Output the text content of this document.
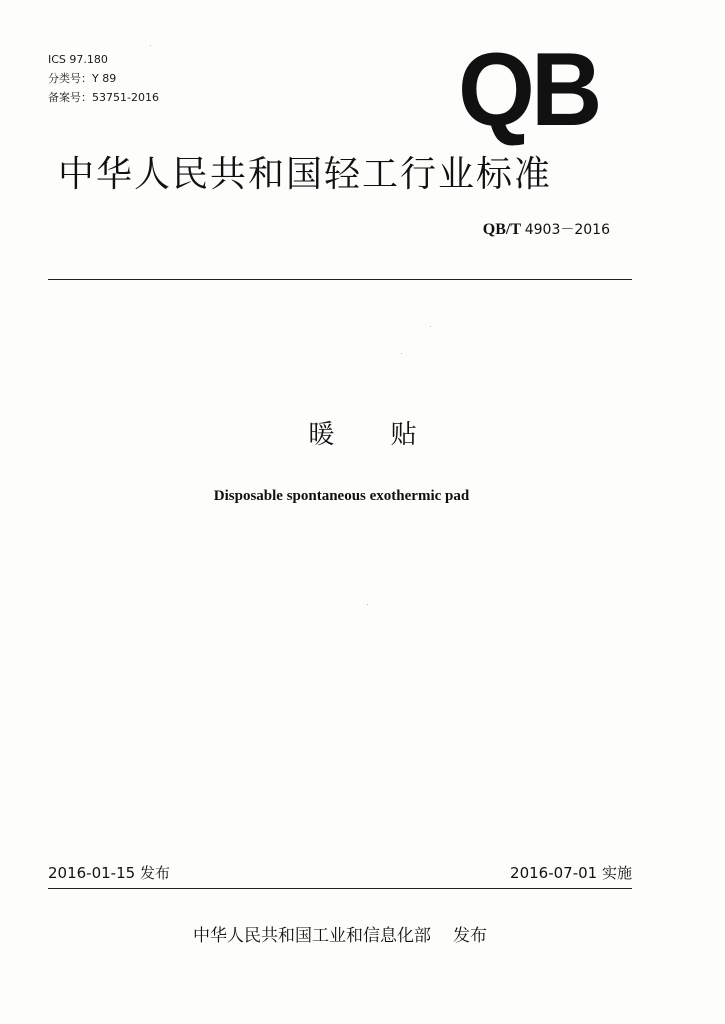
ICS 97.180
分类号：Y 89
备案号：53751-2016	QB
中华人民共和国轻工行业标准
QB/T 4903－2016
暖 贴
Disposable spontaneous exothermic pad
2016-01-15 发布	2016-07-01 实施
中华人民共和国工业和信息化部 发布
